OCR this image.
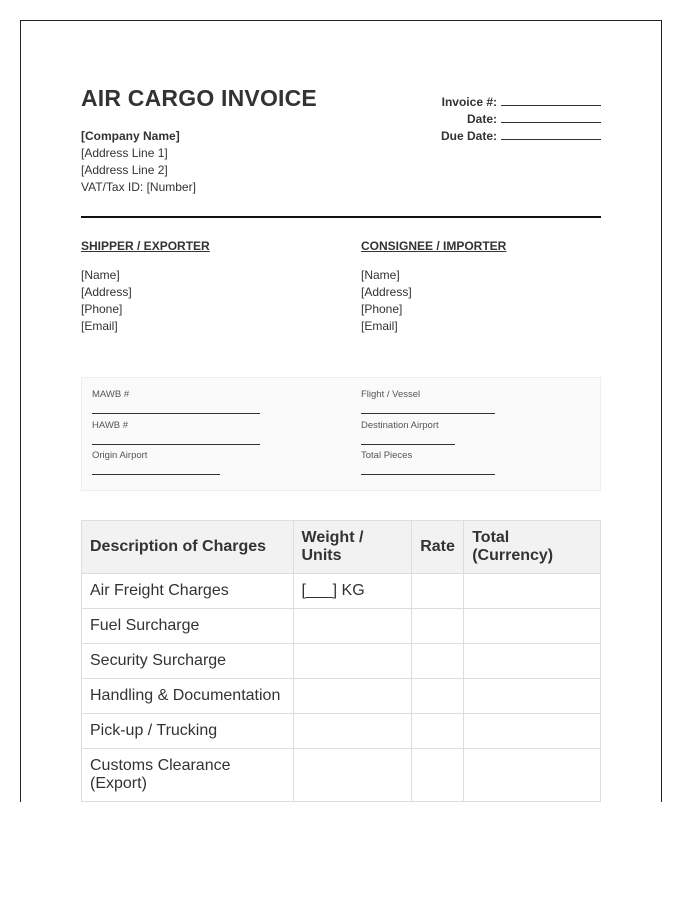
AIR CARGO INVOICE
[Company Name]
[Address Line 1]
[Address Line 2]
VAT/Tax ID: [Number]
Invoice #:
Date:
Due Date:
SHIPPER / EXPORTER
[Name]
[Address]
[Phone]
[Email]
CONSIGNEE / IMPORTER
[Name]
[Address]
[Phone]
[Email]
MAWB #
HAWB #
Origin Airport
Flight / Vessel
Destination Airport
Total Pieces
Description of Charges	Weight / Units	Rate	Total (Currency)
Air Freight Charges	[___] KG		
Fuel Surcharge			
Security Surcharge			
Handling & Documentation			
Pick-up / Trucking			
Customs Clearance (Export)			
